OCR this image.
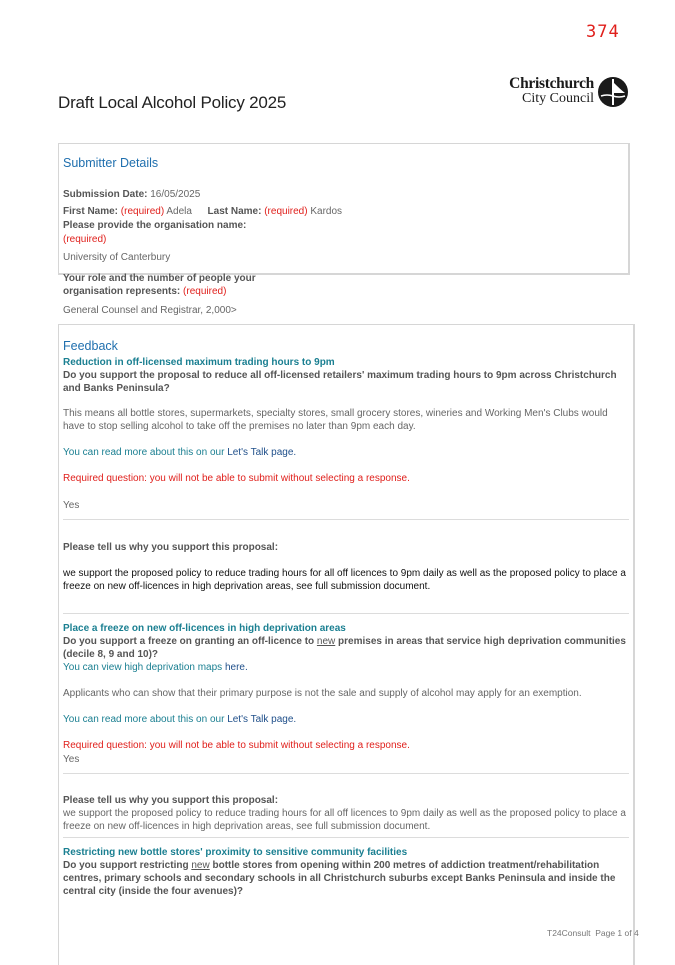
374
Draft Local Alcohol Policy 2025
Christchurch
City Council
Submitter Details
Submission Date: 16/05/2025
First Name: (required) Adela Last Name: (required) Kardos
Please provide the organisation name:
(required)
University of Canterbury
Your role and the number of people your
organisation represents: (required)
General Counsel and Registrar, 2,000>
Feedback
Reduction in off-licensed maximum trading hours to 9pm
Do you support the proposal to reduce all off-licensed retailers' maximum trading hours to 9pm across Christchurch and Banks Peninsula?
This means all bottle stores, supermarkets, specialty stores, small grocery stores, wineries and Working Men's Clubs would have to stop selling alcohol to take off the premises no later than 9pm each day.
You can read more about this on our Let's Talk page.
Required question: you will not be able to submit without selecting a response.
Yes
Please tell us why you support this proposal:
we support the proposed policy to reduce trading hours for all off licences to 9pm daily as well as the proposed policy to place a freeze on new off-licences in high deprivation areas, see full submission document.
Place a freeze on new off-licences in high deprivation areas
Do you support a freeze on granting an off-licence to new premises in areas that service high deprivation communities (decile 8, 9 and 10)?
You can view high deprivation maps here.
Applicants who can show that their primary purpose is not the sale and supply of alcohol may apply for an exemption.
You can read more about this on our Let's Talk page.
Required question: you will not be able to submit without selecting a response.
Yes
Please tell us why you support this proposal:
we support the proposed policy to reduce trading hours for all off licences to 9pm daily as well as the proposed policy to place a freeze on new off-licences in high deprivation areas, see full submission document.
Restricting new bottle stores' proximity to sensitive community facilities
Do you support restricting new bottle stores from opening within 200 metres of addiction treatment/rehabilitation centres, primary schools and secondary schools in all Christchurch suburbs except Banks Peninsula and inside the central city (inside the four avenues)?
T24Consult Page 1 of 4
